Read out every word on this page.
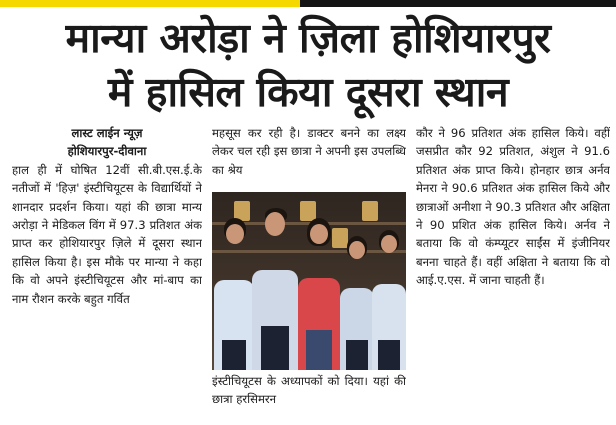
मान्या अरोड़ा ने ज़िला होशियारपुर
में हासिल किया दूसरा स्थान

लास्ट लाईन न्यूज़

होशियारपुर-दीवाना

हाल ही में घोषित 12वीं सी.बी.एस.ई.के नतीजों में 'हिज़' इंस्टीचियूटस के विद्यार्थियों ने शानदार प्रदर्शन किया। यहां की छात्रा मान्य अरोड़ा ने मेडिकल विंग में 97.3 प्रतिशत अंक प्राप्त कर होशियारपुर ज़िले में दूसरा स्थान हासिल किया है। इस मौके पर मान्या ने कहा कि वो अपने इंस्टीचियूटस और मां-बाप का नाम रौशन करके बहुत गर्वित

महसूस कर रही है। डाक्टर बनने का लक्ष्य लेकर चल रही इस छात्रा ने अपनी इस उपलब्धि का श्रेय

इंस्टीचियूटस के अध्यापकों को दिया। यहां की छात्रा हरसिमरन

कौर ने 96 प्रतिशत अंक हासिल किये। वहीं जसप्रीत कौर 92 प्रतिशत, अंशुल ने 91.6 प्रतिशत अंक प्राप्त किये। होनहार छात्र अर्नव मेनरा ने 90.6 प्रतिशत अंक हासिल किये और छात्राओं अनीशा ने 90.3 प्रतिशत और अक्षिता ने 90 प्रशित अंक हासिल किये। अर्नव ने बताया कि वो कंम्प्यूटर साईंस में इंजीनियर बनना चाहते हैं। वहीं अक्षिता ने बताया कि वो आई.ए.एस. में जाना चाहती हैं।
